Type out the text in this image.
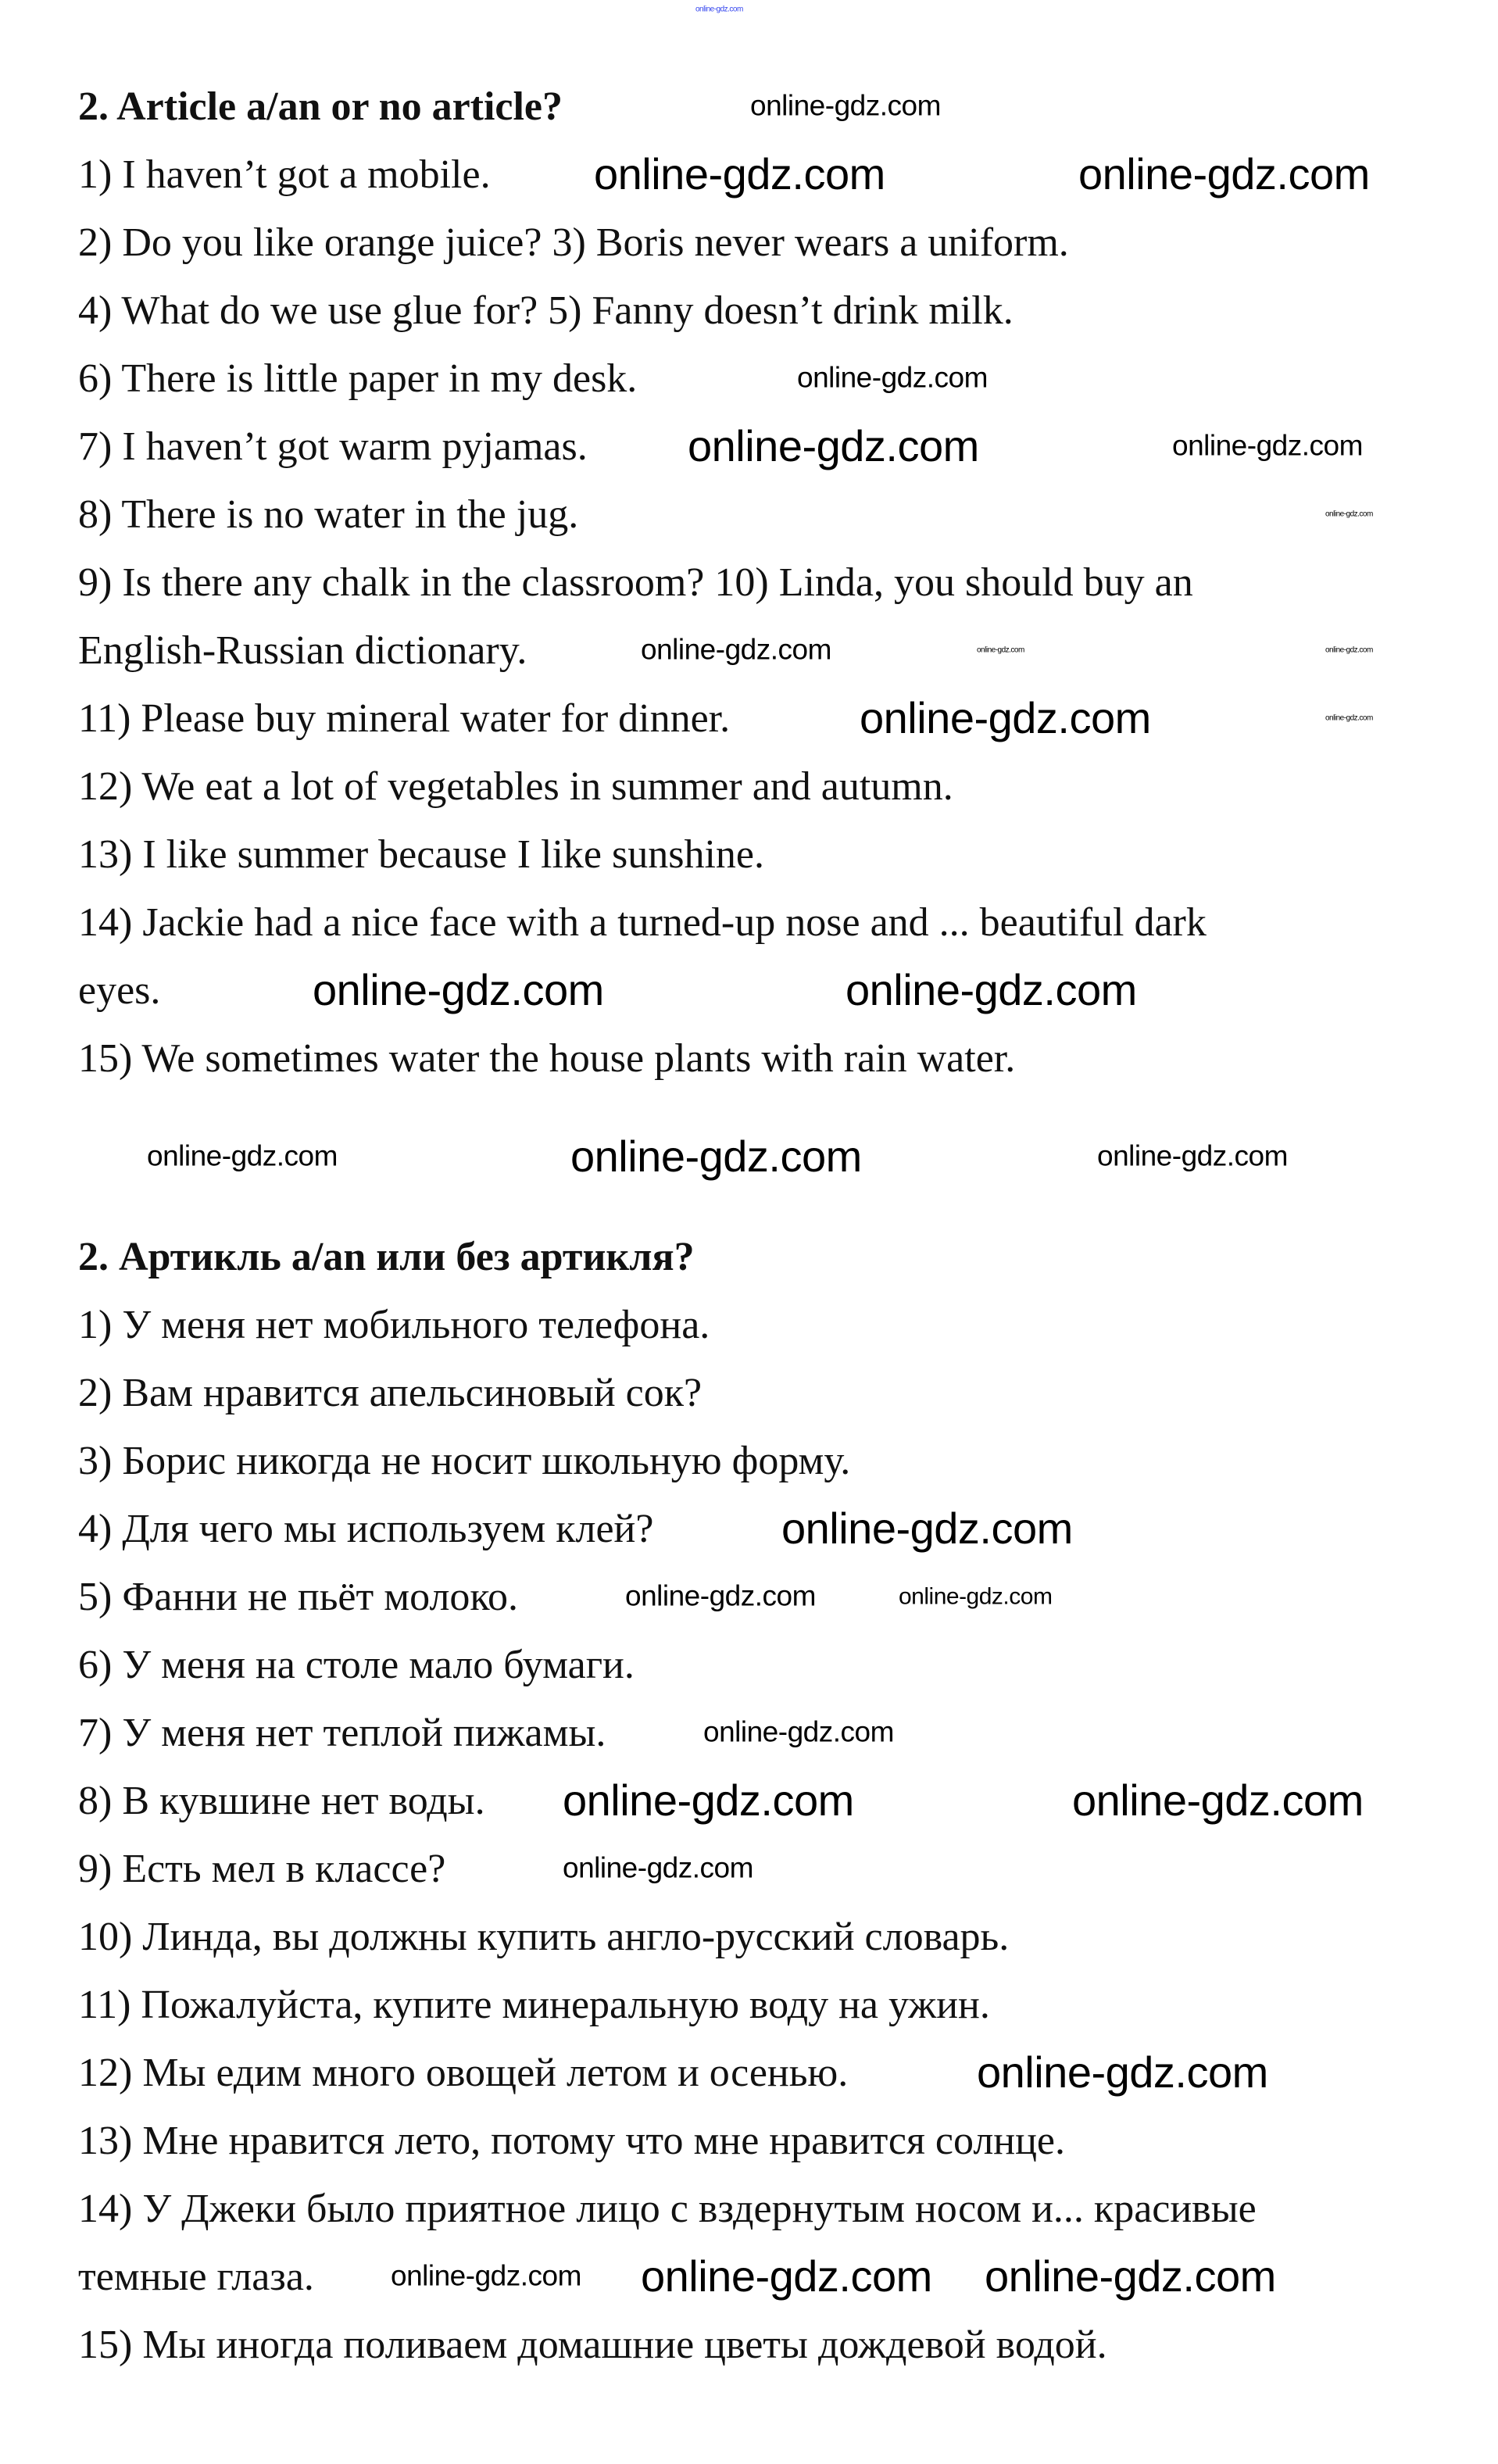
2. Article a/an or no article?
1) I haven’t got a mobile.
2) Do you like orange juice? 3) Boris never wears a uniform.
4) What do we use glue for? 5) Fanny doesn’t drink milk.
6) There is little paper in my desk.
7) I haven’t got warm pyjamas.
8) There is no water in the jug.
9) Is there any chalk in the classroom? 10) Linda, you should buy an
English-Russian dictionary.
11) Please buy mineral water for dinner.
12) We eat a lot of vegetables in summer and autumn.
13) I like summer because I like sunshine.
14) Jackie had a nice face with a turned-up nose and ... beautiful dark
eyes.
15) We sometimes water the house plants with rain water.
2. Артикль a/an или без артикля?
1) У меня нет мобильного телефона.
2) Вам нравится апельсиновый сок?
3) Борис никогда не носит школьную форму.
4) Для чего мы используем клей?
5) Фанни не пьёт молоко.
6) У меня на столе мало бумаги.
7) У меня нет теплой пижамы.
8) В кувшине нет воды.
9) Есть мел в классе?
10) Линда, вы должны купить англо-русский словарь.
11) Пожалуйста, купите минеральную воду на ужин.
12) Мы едим много овощей летом и осенью.
13) Мне нравится лето, потому что мне нравится солнце.
14) У Джеки было приятное лицо с вздернутым носом и... красивые
темные глаза.
15) Мы иногда поливаем домашние цветы дождевой водой.
online-gdz.com
online-gdz.com
online-gdz.com	online-gdz.com
online-gdz.com
online-gdz.com	online-gdz.com
online-gdz.com
online-gdz.com
online-gdz.com
online-gdz.com	online-gdz.com
online-gdz.com
online-gdz.com	online-gdz.com
online-gdz.com	online-gdz.com	online-gdz.com
online-gdz.com	online-gdz.com
online-gdz.com
online-gdz.com
online-gdz.com	online-gdz.com
online-gdz.com
online-gdz.com
online-gdz.com online-gdz.com online-gdz.com
